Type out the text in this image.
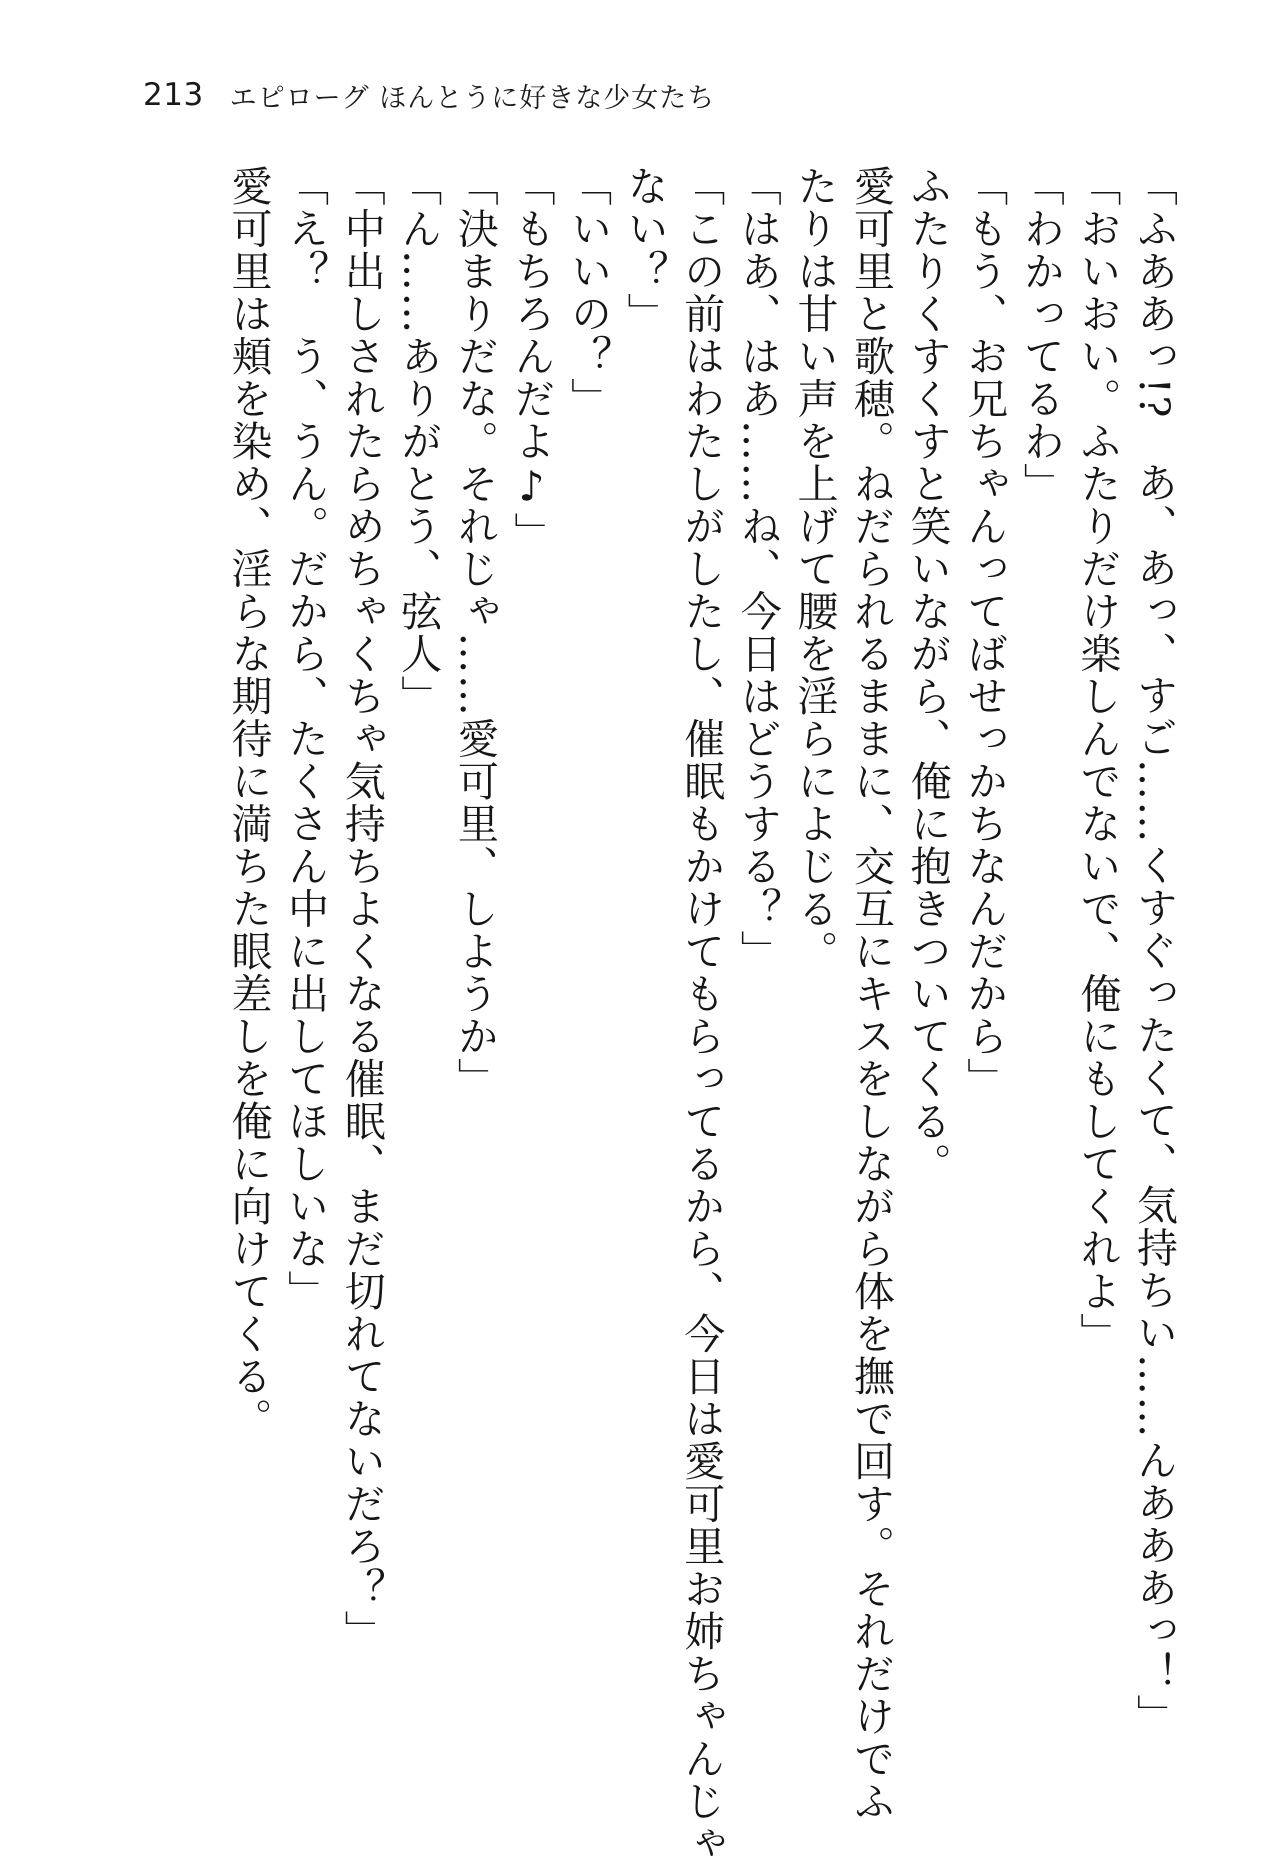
213 エピローグ ほんとうに好きな少女たち
「ふああっ!?　あ、あっ、すご……くすぐったくて、気持ちい……んあああっ！」
「おいおい。ふたりだけ楽しんでないで、俺にもしてくれよ」
「わかってるわ」
「もう、お兄ちゃんってばせっかちなんだから」
ふたりくすくすと笑いながら、俺に抱きついてくる。
愛可里と歌穂。ねだられるままに、交互にキスをしながら体を撫で回す。それだけでふ
たりは甘い声を上げて腰を淫らによじる。
「はあ、はあ……ね、今日はどうする？」
「この前はわたしがしたし、催眠もかけてもらってるから、今日は愛可里お姉ちゃんじゃ
ない？」
「いいの？」
「もちろんだよ♪」
「決まりだな。それじゃ……愛可里、しようか」
「ん……ありがとう、弦人」
「中出しされたらめちゃくちゃ気持ちよくなる催眠、まだ切れてないだろ？」
「え？　う、うん。だから、たくさん中に出してほしいな」
愛可里は頬を染め、淫らな期待に満ちた眼差しを俺に向けてくる。
